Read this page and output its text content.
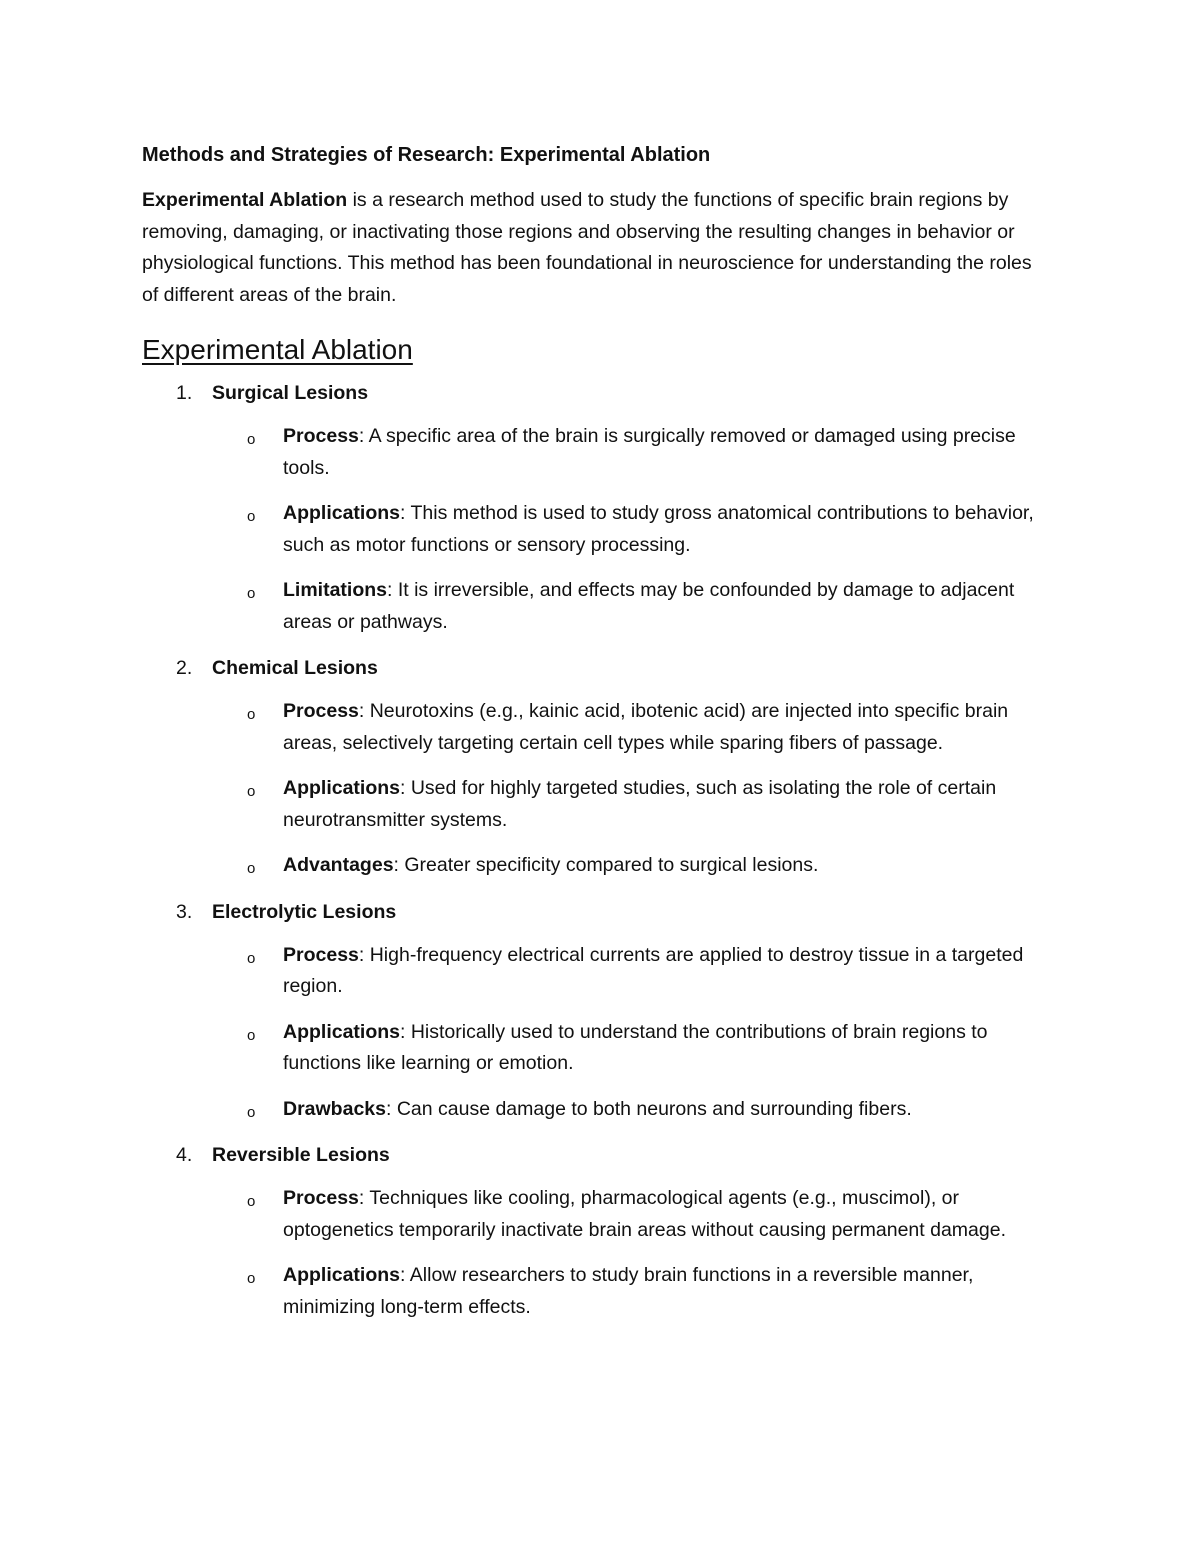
Methods and Strategies of Research: Experimental Ablation

Experimental Ablation is a research method used to study the functions of specific brain regions by removing, damaging, or inactivating those regions and observing the resulting changes in behavior or physiological functions. This method has been foundational in neuroscience for understanding the roles of different areas of the brain.

Experimental Ablation
1. Surgical Lesions
o Process: A specific area of the brain is surgically removed or damaged using precise tools.
o Applications: This method is used to study gross anatomical contributions to behavior, such as motor functions or sensory processing.
o Limitations: It is irreversible, and effects may be confounded by damage to adjacent areas or pathways.
2. Chemical Lesions
o Process: Neurotoxins (e.g., kainic acid, ibotenic acid) are injected into specific brain areas, selectively targeting certain cell types while sparing fibers of passage.
o Applications: Used for highly targeted studies, such as isolating the role of certain neurotransmitter systems.
o Advantages: Greater specificity compared to surgical lesions.
3. Electrolytic Lesions
o Process: High-frequency electrical currents are applied to destroy tissue in a targeted region.
o Applications: Historically used to understand the contributions of brain regions to functions like learning or emotion.
o Drawbacks: Can cause damage to both neurons and surrounding fibers.
4. Reversible Lesions
o Process: Techniques like cooling, pharmacological agents (e.g., muscimol), or optogenetics temporarily inactivate brain areas without causing permanent damage.
o Applications: Allow researchers to study brain functions in a reversible manner, minimizing long-term effects.
